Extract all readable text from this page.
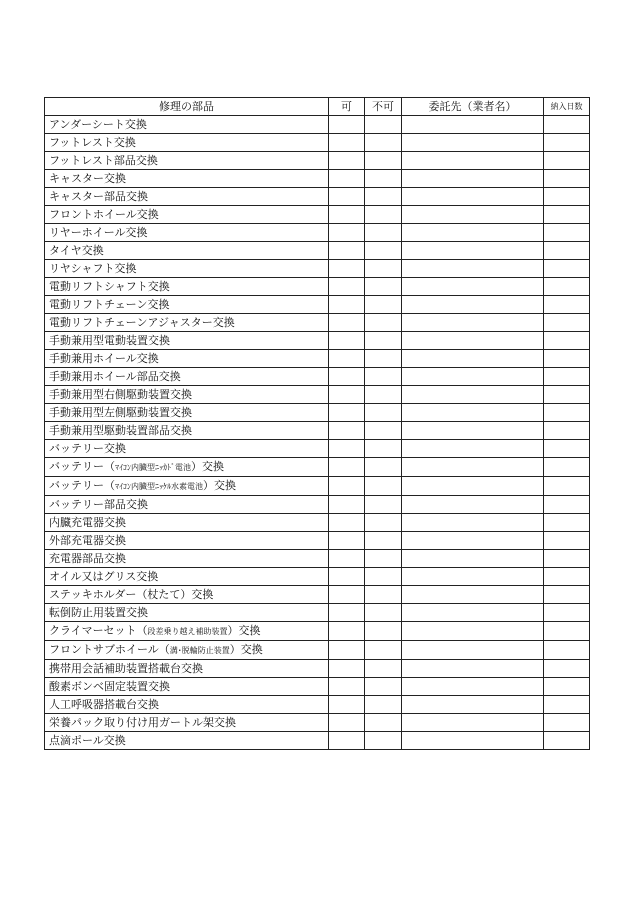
修理の部品	可	不可	委託先（業者名）	納入日数
アンダーシート交換				
フットレスト交換				
フットレスト部品交換				
キャスター交換				
キャスター部品交換				
フロントホイール交換				
リヤーホイール交換				
タイヤ交換				
リヤシャフト交換				
電動リフトシャフト交換				
電動リフトチェーン交換				
電動リフトチェーンアジャスター交換				
手動兼用型電動装置交換				
手動兼用ホイール交換				
手動兼用ホイール部品交換				
手動兼用型右側駆動装置交換				
手動兼用型左側駆動装置交換				
手動兼用型駆動装置部品交換				
バッテリー交換				
バッテリー（ﾏｲｺﾝ内臓型ﾆｯｶﾄﾞ電池）交換				
バッテリー（ﾏｲｺﾝ内臓型ﾆｯｹﾙ水素電池）交換				
バッテリー部品交換				
内臓充電器交換				
外部充電器交換				
充電器部品交換				
オイル又はグリス交換				
ステッキホルダー（杖たて）交換				
転倒防止用装置交換				
クライマーセット（段差乗り越え補助装置）交換				
フロントサブホイール（溝･脱輪防止装置）交換				
携帯用会話補助装置搭載台交換				
酸素ボンベ固定装置交換				
人工呼吸器搭載台交換				
栄養パック取り付け用ガートル架交換				
点滴ポール交換				
